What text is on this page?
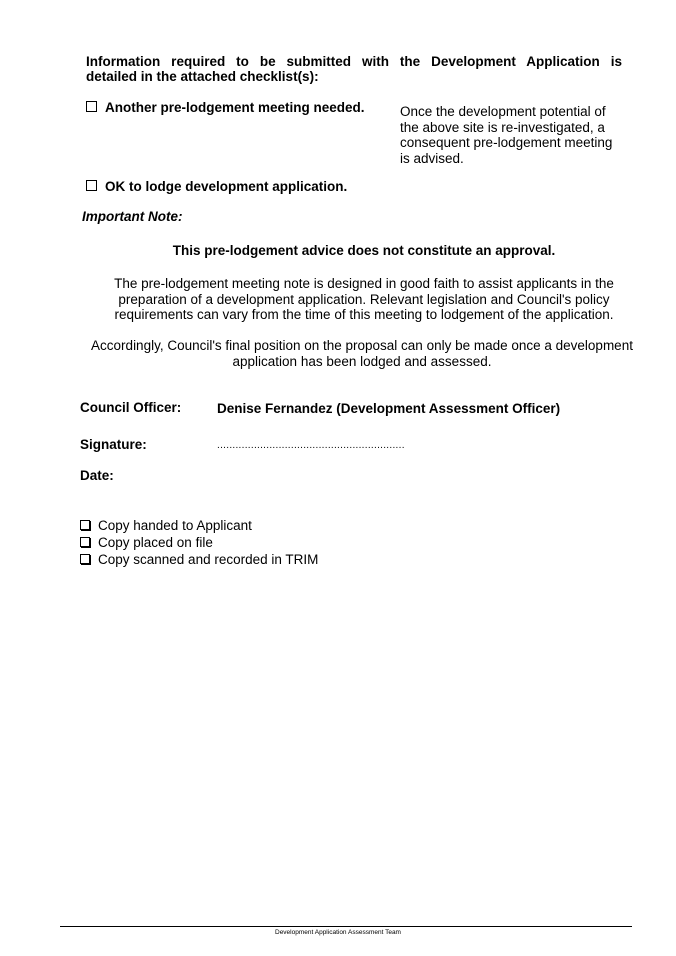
Information required to be submitted with the Development Application is

detailed in the attached checklist(s):
Another pre-lodgement meeting needed.	Once the development potential of
the above site is re-investigated, a
consequent pre-lodgement meeting
is advised.
OK to lodge development application.
Important Note:
This pre-lodgement advice does not constitute an approval.
The pre-lodgement meeting note is designed in good faith to assist applicants in the
preparation of a development application. Relevant legislation and Council's policy
requirements can vary from the time of this meeting to lodgement of the application.
Accordingly, Council's final position on the proposal can only be made once a development
application has been lodged and assessed.
Council Officer:	Denise Fernandez (Development Assessment Officer)
Signature:	.............................................................
Date:
Copy handed to Applicant
Copy placed on file
Copy scanned and recorded in TRIM
Development Application Assessment Team
